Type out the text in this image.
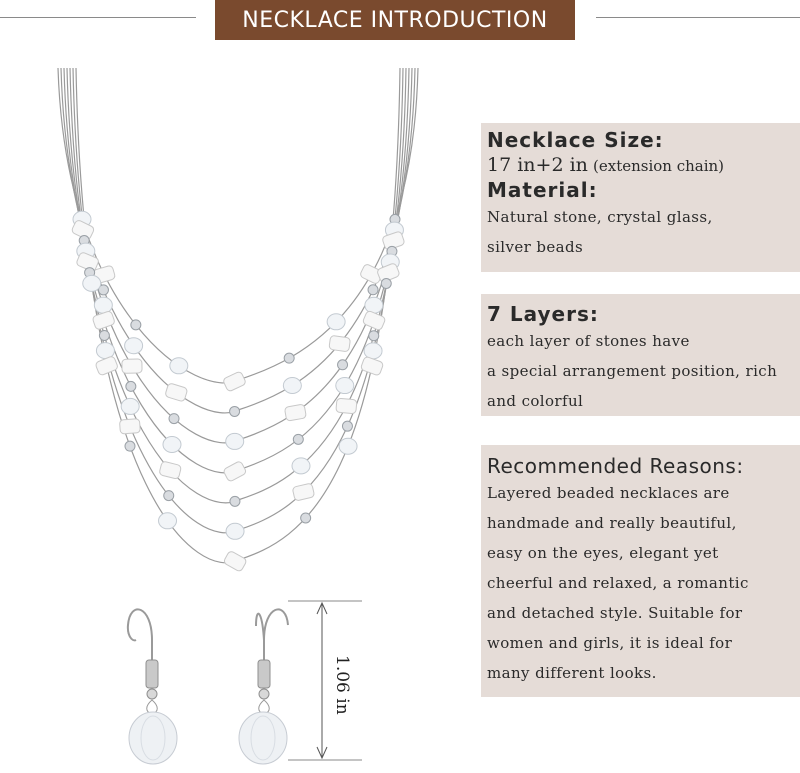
NECKLACE INTRODUCTION
1.06 in
Necklace Size:
17 in+2 in (extension chain)
Material:
Natural stone, crystal glass,
silver beads
7 Layers:
each layer of stones have
a special arrangement position, rich
and colorful
Recommended Reasons:
Layered beaded necklaces are
handmade and really beautiful,
easy on the eyes, elegant yet
cheerful and relaxed, a romantic
and detached style. Suitable for
women and girls, it is ideal for
many different looks.
